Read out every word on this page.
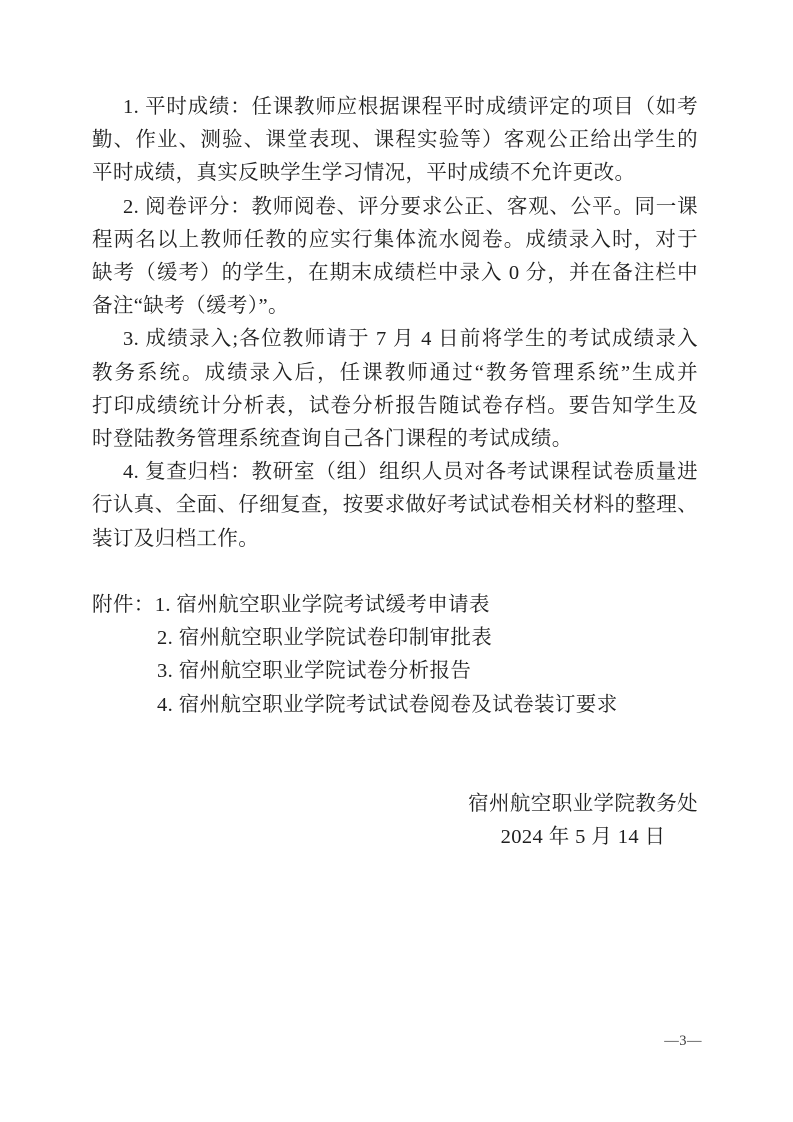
1. 平时成绩：任课教师应根据课程平时成绩评定的项目（如考
勤、作业、测验、课堂表现、课程实验等）客观公正给出学生的
平时成绩，真实反映学生学习情况，平时成绩不允许更改。
2. 阅卷评分：教师阅卷、评分要求公正、客观、公平。同一课
程两名以上教师任教的应实行集体流水阅卷。成绩录入时，对于
缺考（缓考）的学生，在期末成绩栏中录入 0 分，并在备注栏中
备注“缺考（缓考）”。
3. 成绩录入;各位教师请于 7 月 4 日前将学生的考试成绩录入
教务系统。成绩录入后，任课教师通过“教务管理系统”生成并
打印成绩统计分析表，试卷分析报告随试卷存档。要告知学生及
时登陆教务管理系统查询自己各门课程的考试成绩。
4. 复查归档：教研室（组）组织人员对各考试课程试卷质量进
行认真、全面、仔细复查，按要求做好考试试卷相关材料的整理、
装订及归档工作。
附件：1. 宿州航空职业学院考试缓考申请表
2. 宿州航空职业学院试卷印制审批表
3. 宿州航空职业学院试卷分析报告
4. 宿州航空职业学院考试试卷阅卷及试卷装订要求
宿州航空职业学院教务处
2024 年 5 月 14 日
—3—
